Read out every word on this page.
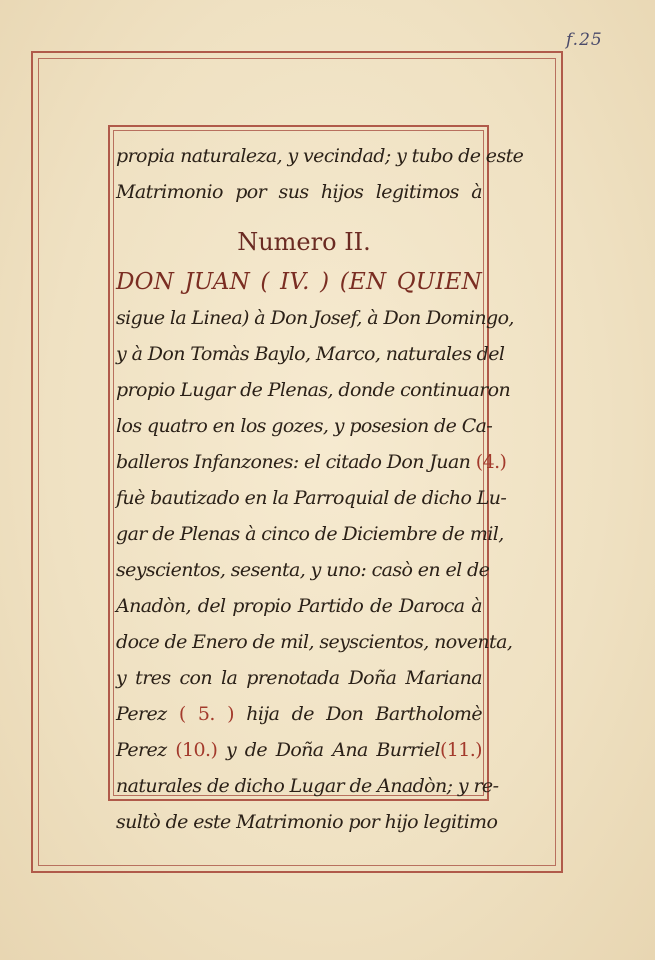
f.25
propia naturaleza, y vecindad; y tubo de este
Matrimonio por sus hijos legitimos à
Numero II.
DON JUAN ( IV. ) (EN QUIEN
sigue la Linea) à Don Josef, à Don Domingo,
y à Don Tomàs Baylo, Marco, naturales del
propio Lugar de Plenas, donde continuaron
los quatro en los gozes, y posesion de Ca-
balleros Infanzones: el citado Don Juan (4.)
fuè bautizado en la Parroquial de dicho Lu-
gar de Plenas à cinco de Diciembre de mil,
seyscientos, sesenta, y uno: casò en el de
Anadòn, del propio Partido de Daroca à
doce de Enero de mil, seyscientos, noventa,
y tres con la prenotada Doña Mariana
Perez ( 5. ) hija de Don Bartholomè
Perez (10.) y de Doña Ana Burriel(11.)
naturales de dicho Lugar de Anadòn; y re-
sultò de este Matrimonio por hijo legitimo
